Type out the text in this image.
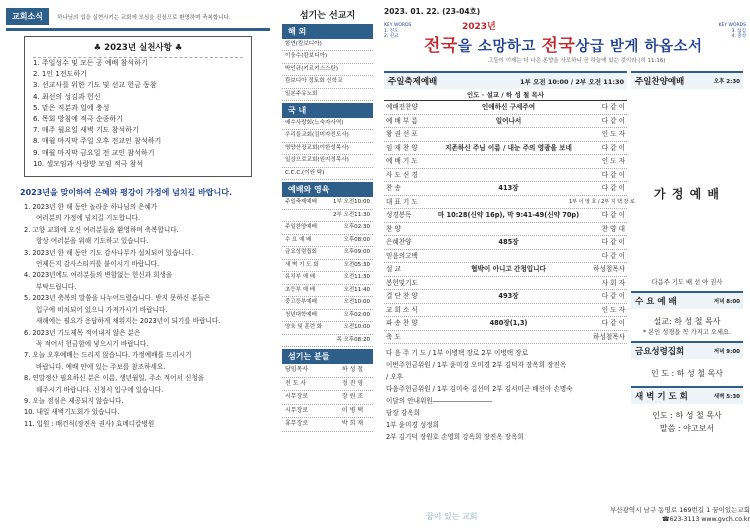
교회소식	하나님의 섭을 실현시키는 교회에 오심을 진심으로 환영하며 축복합니다.
♣ 2023년 실천사항 ♣
1. 주일성수 및 모든 공 예배 참석하기
2. 1인 1전도하기
3. 선교사를 위한 기도 및 선교 헌금 동참
4. 최선의 성김과 헌신
5. 맡은 직분과 일에 충성
6. 목회 방침에 적극 순종하기
7. 매주 월요일 새벽 기도 참석하기
8. 매월 마지막 주일 오후 전교인 참석하기
9. 매월 마지막 금요일 전 교인 참석하기
10. 셀모임과 사랑방 모임 적극 참석
2023년을 맞이하여 은혜와 평강이 가정에 넘치길 바랍니다.
1. 2023년 한 해 동안 놀라운 하나님의 은혜가
여러분의 가정에 넘치길 기도합니다.
2. 고향 교회에 오신 여러분들을 환영하며 축복합니다.
항상 여러분을 위해 기도하고 있습니다.
3. 2023년 한 해 동안 기도 감사나무가 설치되어 있습니다.
언제든지 감사스티커를 붙이시기 바랍니다.
4. 2023년에도 여러분들의 변함없는 헌신과 희생을
부탁드립니다.
5. 2023년 축복의 말씀을 나누어드렸습니다. 받지 못하신 분들은
입구에 비치되어 있으니 가져가시기 바랍니다.
새해에는 필요가 응답하게 채워지는 2023년이 되기를 바랍니다.
6. 2023년 기도제목 적어내지 않은 분은
꼭 적어서 헌금함에 넣으시기 바랍니다.
7. 오늘 오후예배는 드리지 않습니다. 가정예배를 드리시기
바랍니다. 예배 안에 있는 주보를 참조하세요.
8. 연말정산 필요하신 분은 이름, 생년월일, 주소 적어서 신청을
해주시기 바랍니다. 신청서 입구에 있습니다.
9. 오늘 점심은 제공되지 않습니다.
10. 내일 새벽기도회가 있습니다.
11. 입원 : 배건식(장진옥 권사) 효메디칼병원
섬기는 선교지
해 외
함연(캄보디아)
이웅수(캄보디아)
박인규(키르키스스탄)
캄보디아 정토회 신학교
일본주유노회
국 내
예수사랑회(노숙자사역)
우리들교회(김미자전도사)
영양산장교회(이한성목사)
일상으로교회(원지정목사)
C.C.C.(이원 탁)
예배와 영육
주일축제예배	1부 오전10:00
2부 오전11:30
주일찬양예배	오후02:30
수 요 예 배	오후08:00
금요성령집회	오후09:00
새 벽 기 도 회	오전05:30
유치부 예 배	오전11:30
초등부 예 배	오전11:40
중고등부예배	오전10:00
청년대학예배	오후02:00
양육 및 훈련 화	오전10:00
목 오후08:20
섬기는 분들
담임목사	하 성 철
전 도 사	정 진 영
시무장로	장 원 조
시무장로	이 병 택
휴무장로	박 희 재
2023. 01. 22. (23-04호)
KEY WORDS
1. 전도
2. 친교
2023년
전국을 소망하고 전국상급 받게 하옵소서
KEY WORDS
3. 섬김
4. 충성
그들이 이제는 더 나은 본향을 사모하니 곧 하늘에 있는 것이라 (히 11:16)
주일축제예배	1부 오전 10:00 / 2부 오전 11:30
인도 · 설교 / 하 성 철 목사
예배전찬양	인애하신 구세주여	다 같 이
예 배 부 름	일어나서	다 같 이
왕 권 선 포	인 도 자
임 재 찬 양	지존하신 주님 이름 / 내눈 주의 영광을 보네	다 같 이
예 배 기 도	인 도 자
사 도 신 경	다 같 이
찬 송	413장	다 같 이
대 표 기 도	1부 이 영 호 / 2부 지 택 장 로
성경봉독	마 10:28(신약 16p), 막 9:41-49(신약 70p)	다 같 이
찬 양	찬 양 대
은혜찬양	485장	다 같 이
믿음의고백	다 같 이
설 교	협박이 아니고 간청입니다	하성철목사
봉헌및기도	사 회 자
결 단 찬 양	493장	다 같 이
교 회 소 식	인 도 자
파 송 찬 양	480장(1,3)	다 같 이
축 도	하성철목사
다 음 주 기 도 / 1부 이병택 장로 2부 이병택 장로
이번주헌금위원 / 1부 윤미경 오미경 2부 김덕자 장옥희 장진옥
/ 오후
다음주헌금위원 / 1부 김미숙 김선미 2부 김서미곤 배선아 손명숙
이달의 안내위원―――――――――
담장 강옥희
1부 윤미경 성정희
2부 김기덕 장원호 손영희 강옥희 장진옥 장옥희
주일찬양예배	오후 2:30
가 정 예 배
다음주 기도 배 선 아 권사
수 요 예 배	저녁 8:00
설교: 하 성 철 목사
* 본인 성경을 꼭 가지고 오세요.
금요성령집회	저녁 9:00
인 도 : 하 성 철 목사
새 벽 기 도 회	새벽 5:30
인도 : 하 성 철 목사
말씀 : 야고보서
꿈이 있는 교회
부산광역시 남구 동명로 169번길 1 꿈이있는교회
☎623-3113 www.gvch.co.kr
